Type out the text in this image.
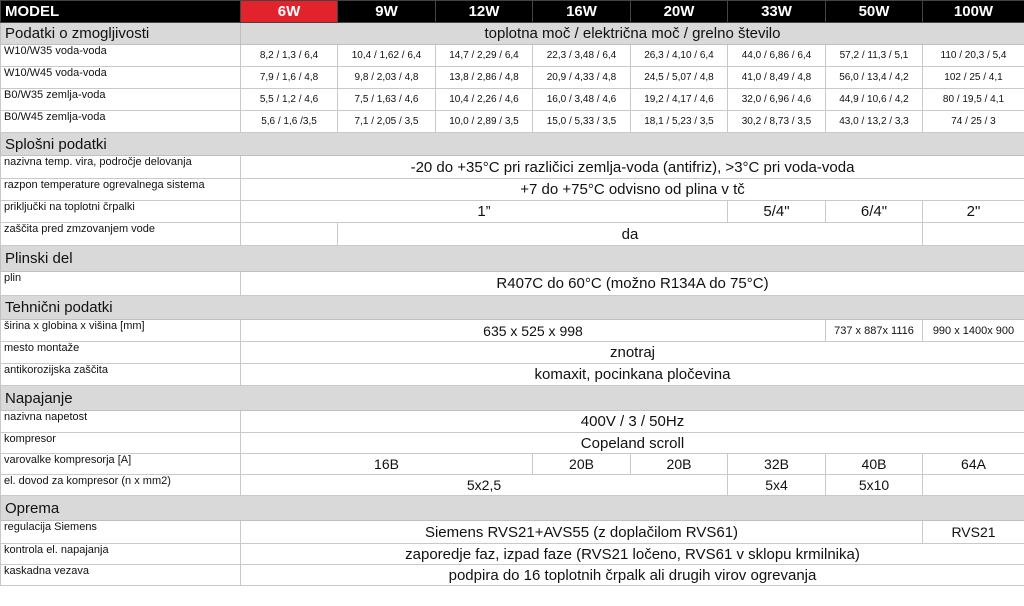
MODEL	6W	9W	12W	16W	20W	33W	50W	100W
Podatki o zmogljivosti	toplotna moč / električna moč / grelno število							
W10/W35 voda-voda	8,2 / 1,3 / 6,4	10,4 / 1,62 / 6,4	14,7 / 2,29 / 6,4	22,3 / 3,48 / 6,4	26,3 / 4,10 / 6,4	44,0 / 6,86 / 6,4	57,2 / 11,3 / 5,1	110 / 20,3 / 5,4
W10/W45 voda-voda	7,9 / 1,6 / 4,8	9,8 / 2,03 / 4,8	13,8 / 2,86 / 4,8	20,9 / 4,33 / 4,8	24,5 / 5,07 / 4,8	41,0 / 8,49 / 4,8	56,0 / 13,4 / 4,2	102 / 25 / 4,1
B0/W35 zemlja-voda	5,5 / 1,2 / 4,6	7,5 / 1,63 / 4,6	10,4 / 2,26 / 4,6	16,0 / 3,48 / 4,6	19,2 / 4,17 / 4,6	32,0 / 6,96 / 4,6	44,9 / 10,6 / 4,2	80 / 19,5 / 4,1
B0/W45 zemlja-voda	5,6 / 1,6 /3,5	7,1 / 2,05 / 3,5	10,0 / 2,89 / 3,5	15,0 / 5,33 / 3,5	18,1 / 5,23 / 3,5	30,2 / 8,73 / 3,5	43,0 / 13,2 / 3,3	74 / 25 / 3
Splošni podatki								
nazivna temp. vira, področje delovanja	-20 do +35°C pri različici zemlja-voda (antifriz), >3°C pri voda-voda							
razpon temperature ogrevalnega sistema	+7 do +75°C odvisno od plina v tč							
priključki na toplotni črpalki	1”					5/4"	6/4"	2"
zaščita pred zmzovanjem vode		da						
Plinski del								
plin	R407C do 60°C (možno R134A do 75°C)							
Tehnični podatki								
širina x globina x višina [mm]	635 x 525 x 998						737 x 887x 1116	990 x 1400x 900
mesto montaže	znotraj							
antikorozijska zaščita	komaxit, pocinkana pločevina							
Napajanje								
nazivna napetost	400V / 3 / 50Hz							
kompresor	Copeland scroll							
varovalke kompresorja [A]	16B			20B	20B	32B	40B	64A
el. dovod za kompresor (n x mm2)	5x2,5					5x4	5x10	
Oprema								
regulacija Siemens	Siemens RVS21+AVS55 (z doplačilom RVS61)							RVS21
kontrola el. napajanja	zaporedje faz, izpad faze (RVS21 ločeno, RVS61 v sklopu krmilnika)							
kaskadna vezava	podpira do 16 toplotnih črpalk ali drugih virov ogrevanja							
